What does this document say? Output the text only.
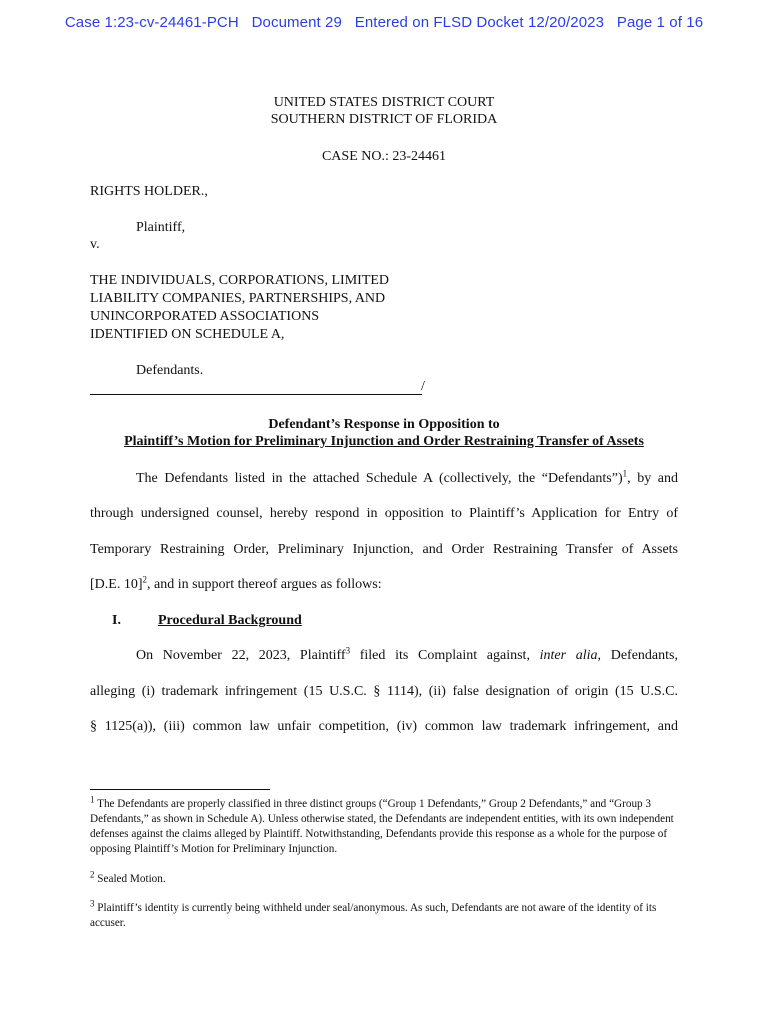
Case 1:23-cv-24461-PCH Document 29 Entered on FLSD Docket 12/20/2023 Page 1 of 16
UNITED STATES DISTRICT COURT
SOUTHERN DISTRICT OF FLORIDA
CASE NO.: 23-24461
RIGHTS HOLDER.,
Plaintiff,
v.
THE INDIVIDUALS, CORPORATIONS, LIMITED
LIABILITY COMPANIES, PARTNERSHIPS, AND
UNINCORPORATED ASSOCIATIONS
IDENTIFIED ON SCHEDULE A,
Defendants.
/
Defendant’s Response in Opposition to
Plaintiff’s Motion for Preliminary Injunction and Order Restraining Transfer of Assets
The Defendants listed in the attached Schedule A (collectively, the “Defendants”)$^1$, by and
through undersigned counsel, hereby respond in opposition to Plaintiff’s Application for Entry of
Temporary Restraining Order, Preliminary Injunction, and Order Restraining Transfer of Assets
[D.E. 10]$^2$, and in support thereof argues as follows:
I.	Procedural Background
On November 22, 2023, Plaintiff$^3$ filed its Complaint against, inter alia, Defendants,
alleging (i) trademark infringement (15 U.S.C. § 1114), (ii) false designation of origin (15 U.S.C.
§ 1125(a)), (iii) common law unfair competition, (iv) common law trademark infringement, and

$^1$ The Defendants are properly classified in three distinct groups (“Group 1 Defendants,” Group 2 Defendants,” and “Group 3 Defendants,” as shown in Schedule A). Unless otherwise stated, the Defendants are independent entities, with its own independent defenses against the claims alleged by Plaintiff. Notwithstanding, Defendants provide this response as a whole for the purpose of opposing Plaintiff’s Motion for Preliminary Injunction.

$^2$ Sealed Motion.

$^3$ Plaintiff’s identity is currently being withheld under seal/anonymous. As such, Defendants are not aware of the identity of its accuser.
